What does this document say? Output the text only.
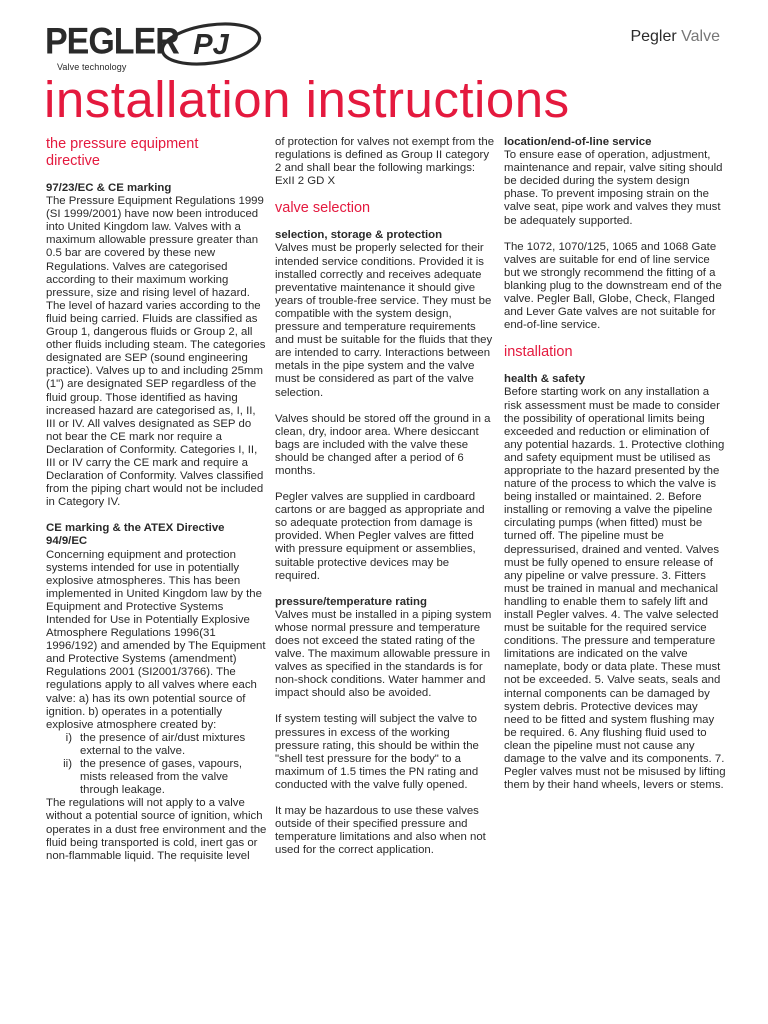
PEGLER PJ
Valve technology
Pegler Valve
installation instructions
the pressure equipment directive
97/23/EC & CE marking
The Pressure Equipment Regulations 1999 (SI 1999/2001) have now been introduced into United Kingdom law. Valves with a maximum allowable pressure greater than 0.5 bar are covered by these new Regulations. Valves are categorised according to their maximum working pressure, size and rising level of hazard. The level of hazard varies according to the fluid being carried. Fluids are classified as Group 1, dangerous fluids or Group 2, all other fluids including steam. The categories designated are SEP (sound engineering practice). Valves up to and including 25mm (1") are designated SEP regardless of the fluid group. Those identified as having increased hazard are categorised as, I, II, III or IV. All valves designated as SEP do not bear the CE mark nor require a Declaration of Conformity. Categories I, II, III or IV carry the CE mark and require a Declaration of Conformity. Valves classified from the piping chart would not be included in Category IV.
CE marking & the ATEX Directive 94/9/EC
Concerning equipment and protection systems intended for use in potentially explosive atmospheres. This has been implemented in United Kingdom law by the Equipment and Protective Systems Intended for Use in Potentially Explosive Atmosphere Regulations 1996(31 1996/192) and amended by The Equipment and Protective Systems (amendment) Regulations 2001 (SI2001/3766). The regulations apply to all valves where each valve: a) has its own potential source of ignition. b) operates in a potentially explosive atmosphere created by:
i) the presence of air/dust mixtures external to the valve.
ii) the presence of gases, vapours, mists released from the valve through leakage.
The regulations will not apply to a valve without a potential source of ignition, which operates in a dust free environment and the fluid being transported is cold, inert gas or non-flammable liquid. The requisite level
of protection for valves not exempt from the regulations is defined as Group II category 2 and shall bear the following markings: ExII 2 GD X
valve selection
selection, storage & protection
Valves must be properly selected for their intended service conditions. Provided it is installed correctly and receives adequate preventative maintenance it should give years of trouble-free service. They must be compatible with the system design, pressure and temperature requirements and must be suitable for the fluids that they are intended to carry. Interactions between metals in the pipe system and the valve must be considered as part of the valve selection.
Valves should be stored off the ground in a clean, dry, indoor area. Where desiccant bags are included with the valve these should be changed after a period of 6 months.
Pegler valves are supplied in cardboard cartons or are bagged as appropriate and so adequate protection from damage is provided. When Pegler valves are fitted with pressure equipment or assemblies, suitable protective devices may be required.
pressure/temperature rating
Valves must be installed in a piping system whose normal pressure and temperature does not exceed the stated rating of the valve. The maximum allowable pressure in valves as specified in the standards is for non-shock conditions. Water hammer and impact should also be avoided.
If system testing will subject the valve to pressures in excess of the working pressure rating, this should be within the "shell test pressure for the body" to a maximum of 1.5 times the PN rating and conducted with the valve fully opened.
It may be hazardous to use these valves outside of their specified pressure and temperature limitations and also when not used for the correct application.
location/end-of-line service
To ensure ease of operation, adjustment, maintenance and repair, valve siting should be decided during the system design phase. To prevent imposing strain on the valve seat, pipe work and valves they must be adequately supported.
The 1072, 1070/125, 1065 and 1068 Gate valves are suitable for end of line service but we strongly recommend the fitting of a blanking plug to the downstream end of the valve. Pegler Ball, Globe, Check, Flanged and Lever Gate valves are not suitable for end-of-line service.
installation
health & safety
Before starting work on any installation a risk assessment must be made to consider the possibility of operational limits being exceeded and reduction or elimination of any potential hazards. 1. Protective clothing and safety equipment must be utilised as appropriate to the hazard presented by the nature of the process to which the valve is being installed or maintained. 2. Before installing or removing a valve the pipeline circulating pumps (when fitted) must be turned off. The pipeline must be depressurised, drained and vented. Valves must be fully opened to ensure release of any pipeline or valve pressure. 3. Fitters must be trained in manual and mechanical handling to enable them to safely lift and install Pegler valves. 4. The valve selected must be suitable for the required service conditions. The pressure and temperature limitations are indicated on the valve nameplate, body or data plate. These must not be exceeded. 5. Valve seats, seals and internal components can be damaged by system debris. Protective devices may need to be fitted and system flushing may be required. 6. Any flushing fluid used to clean the pipeline must not cause any damage to the valve and its components. 7. Pegler valves must not be misused by lifting them by their hand wheels, levers or stems.
